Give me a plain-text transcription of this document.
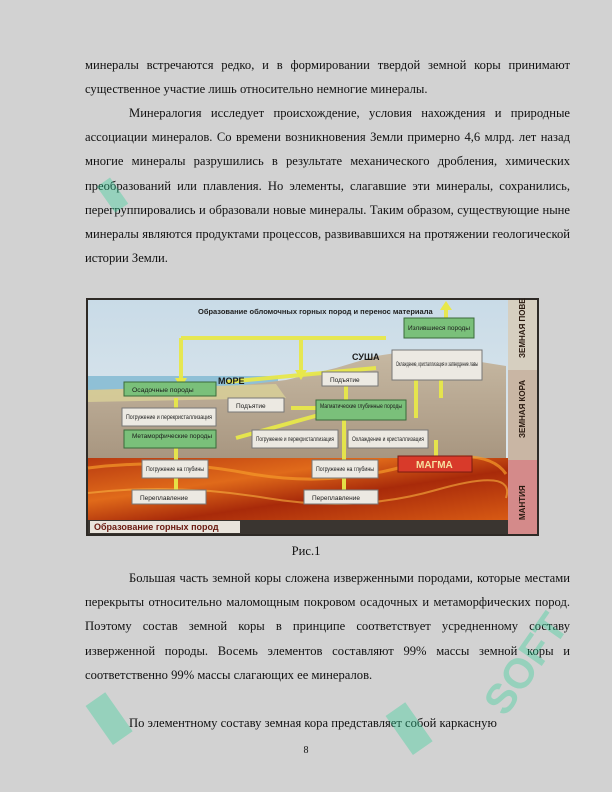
минералы встречаются редко, и в формировании твердой земной коры принимают существенное участие лишь относительно немногие минералы.

Минералогия исследует происхождение, условия нахождения и природные ассоциации минералов. Со времени возникновения Земли примерно 4,6 млрд. лет назад многие минералы разрушились в результате механического дробления, химических преобразований или плавления. Но элементы, слагавшие эти минералы, сохранились, перегруппировались и образовали новые минералы. Таким образом, существующие ныне минералы являются продуктами процессов, развивавшихся на протяжении геологической истории Земли.

Образование горных пород
ЗЕМНАЯ ПОВЕРХНОСТЬ
ЗЕМНАЯ КОРА
МАНТИЯ
Образование обломочных горных пород и перенос материала
МОРЕ
СУША
МАГМА
Осадочные породы
Метаморфические породы
Магматические глубинные породы
Излившиеся породы
Погружение и перекристаллизация
Подъятие
Подъятие
Охлаждение, кристаллизация и затвердение лавы
Погружение и перекристаллизация	Охлаждение и кристаллизация
Погружение на глубины
Переплавление
Погружение на глубины
Переплавление
Рис.1

Большая часть земной коры сложена изверженными породами, которые местами перекрыты относительно маломощным покровом осадочных и метаморфических пород. Поэтому состав земной коры в принципе соответствует усредненному составу изверженной породы. Восемь элементов составляют 99% массы земной коры и соответственно 99% массы слагающих ее минералов.

По элементному составу земная кора представляет собой каркасную

8
▮
▮	▮
SOFT
